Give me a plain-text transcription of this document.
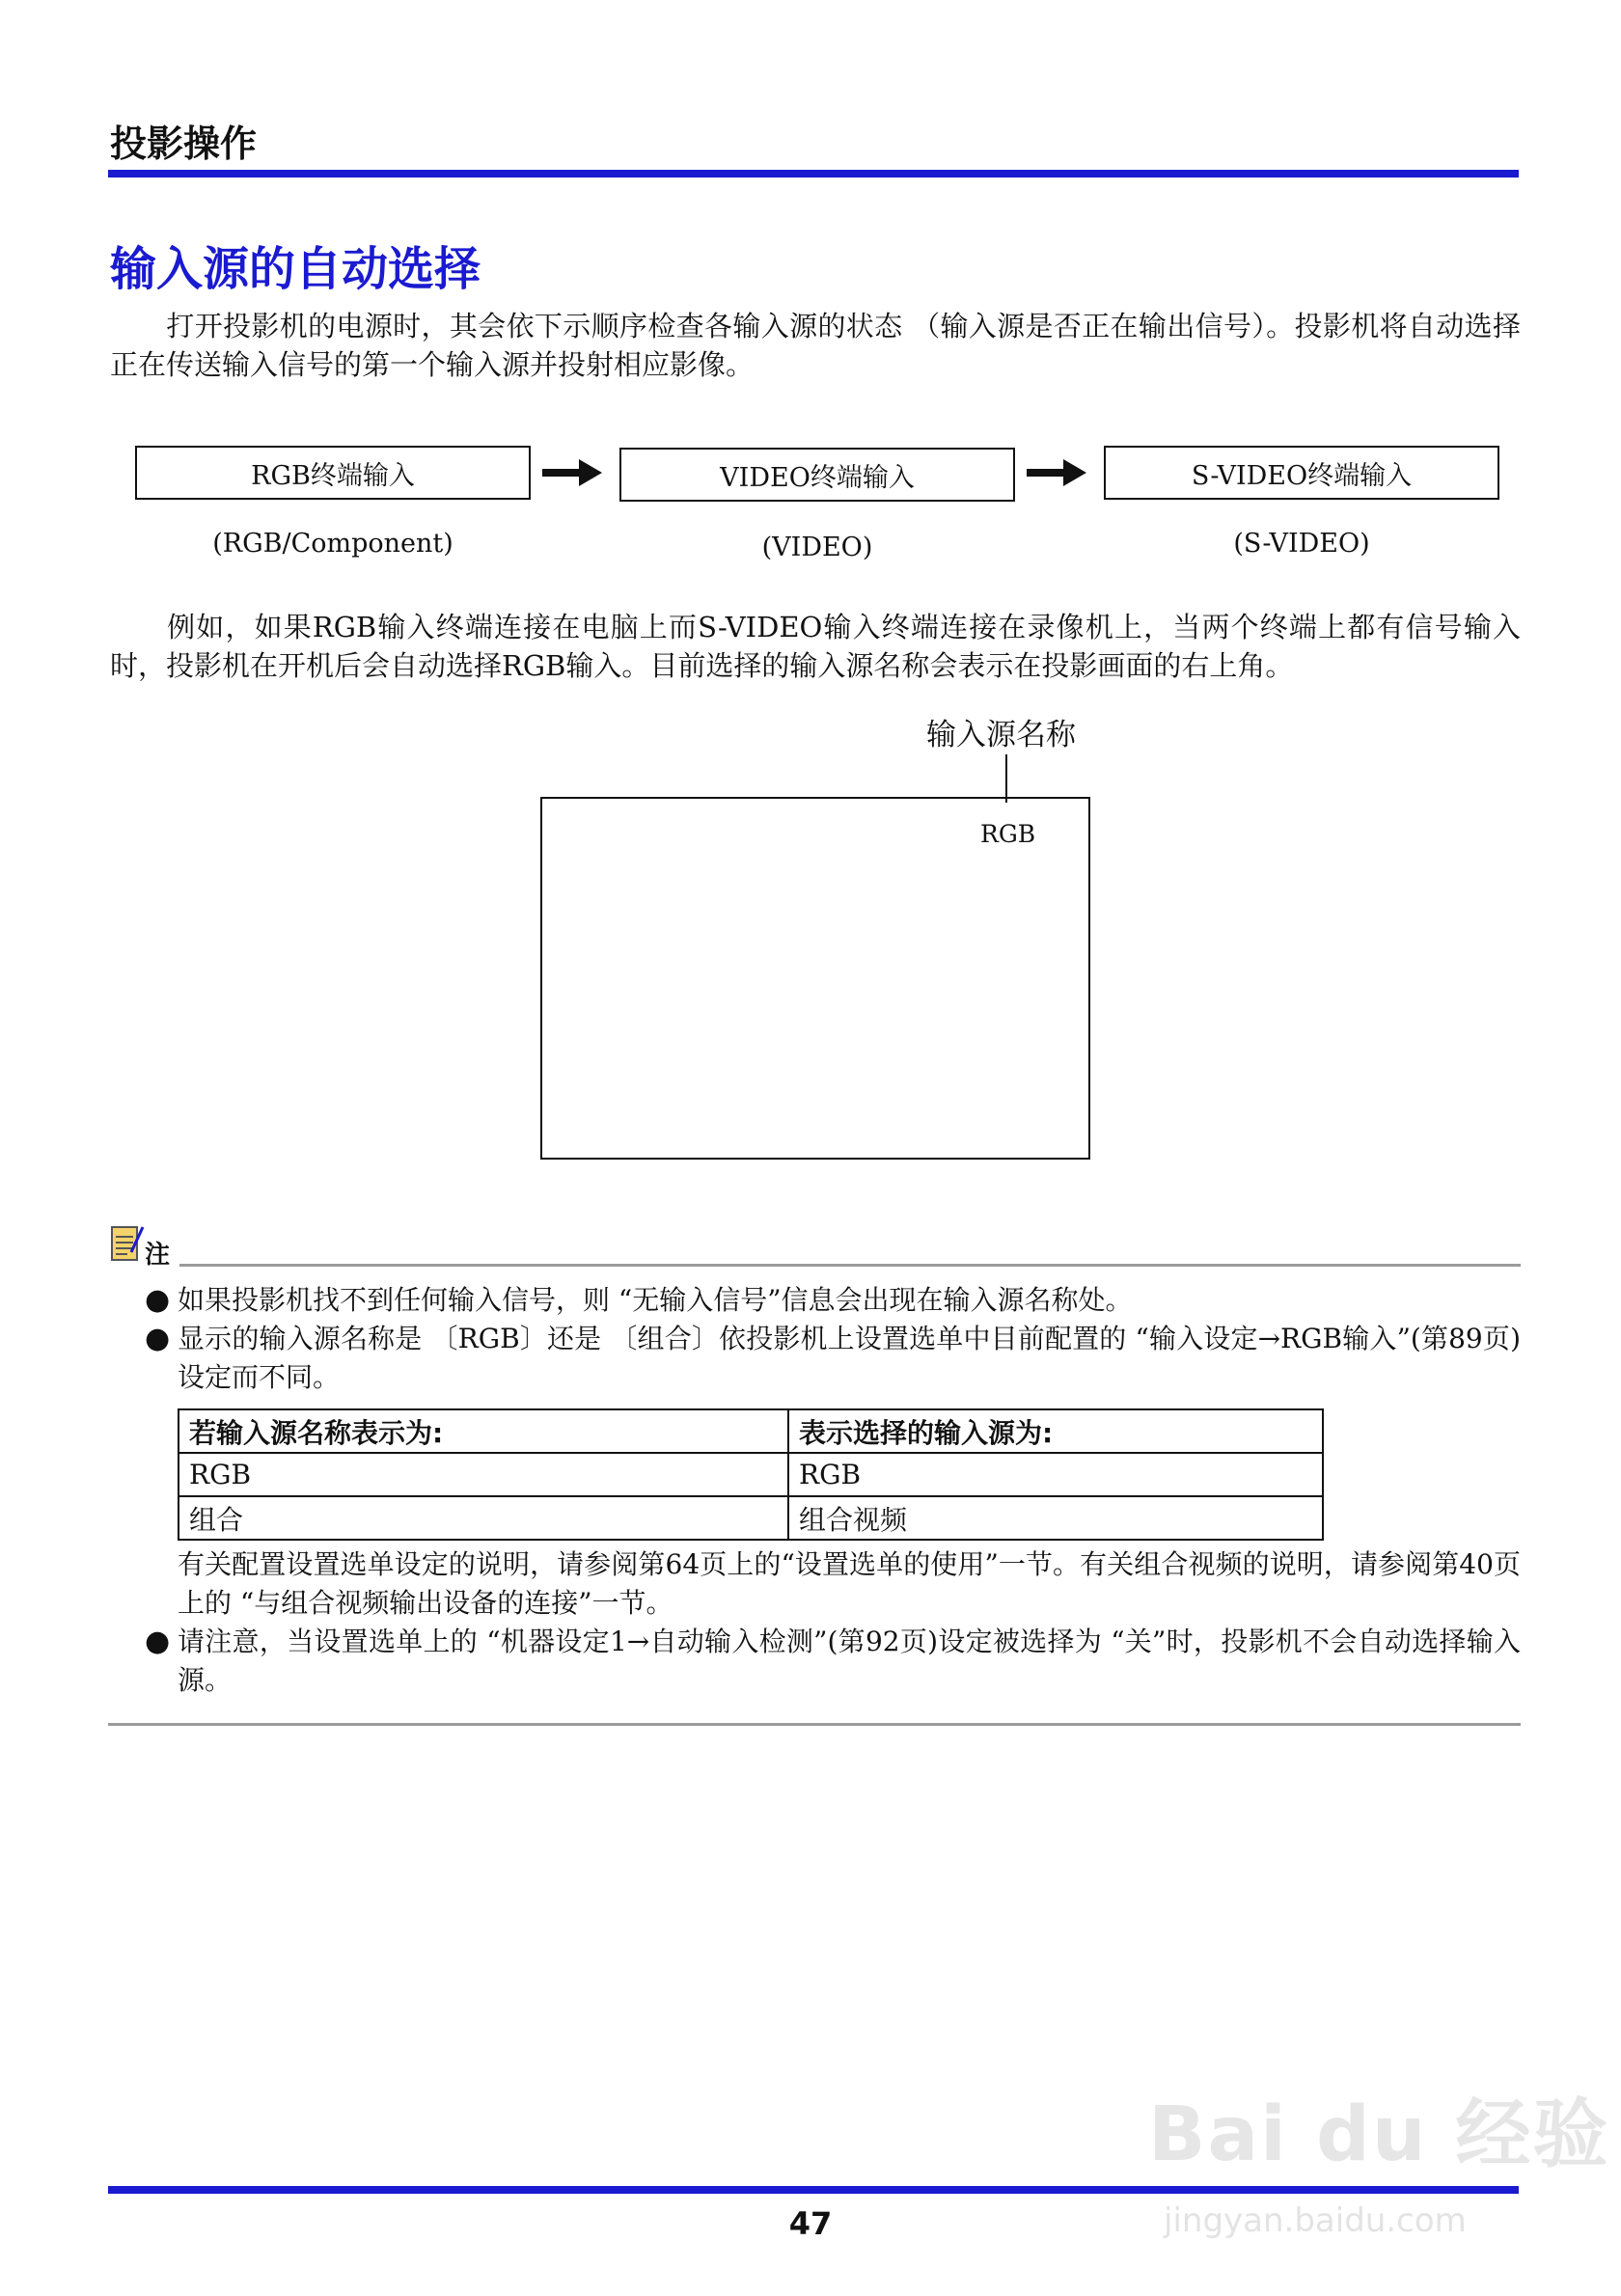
投影操作
输入源的自动选择
打开投影机的电源时，其会依下示顺序检查各输入源的状态 （输入源是否正在输出信号）。投影机将自动选择正在传送输入信号的第一个输入源并投射相应影像。
RGB终端输入	VIDEO终端输入	S-VIDEO终端输入
(RGB/Component)	(VIDEO)	(S-VIDEO)
例如，如果RGB输入终端连接在电脑上而S-VIDEO输入终端连接在录像机上，当两个终端上都有信号输入时，投影机在开机后会自动选择RGB输入。目前选择的输入源名称会表示在投影画面的右上角。
输入源名称
RGB
注
● 如果投影机找不到任何输入信号，则 “无输入信号”信息会出现在输入源名称处。
● 显示的输入源名称是 〔RGB〕还是 〔组合〕依投影机上设置选单中目前配置的 “输入设定→RGB输入”(第89页)设定而不同。
若输入源名称表示为:	表示选择的输入源为:
RGB	RGB
组合	组合视频
有关配置设置选单设定的说明，请参阅第64页上的“设置选单的使用”一节。有关组合视频的说明，请参阅第40页上的 “与组合视频输出设备的连接”一节。
● 请注意，当设置选单上的 “机器设定1→自动输入检测”(第92页)设定被选择为 “关”时，投影机不会自动选择输入源。
Bai du 经验
jingyan.baidu.com
47
